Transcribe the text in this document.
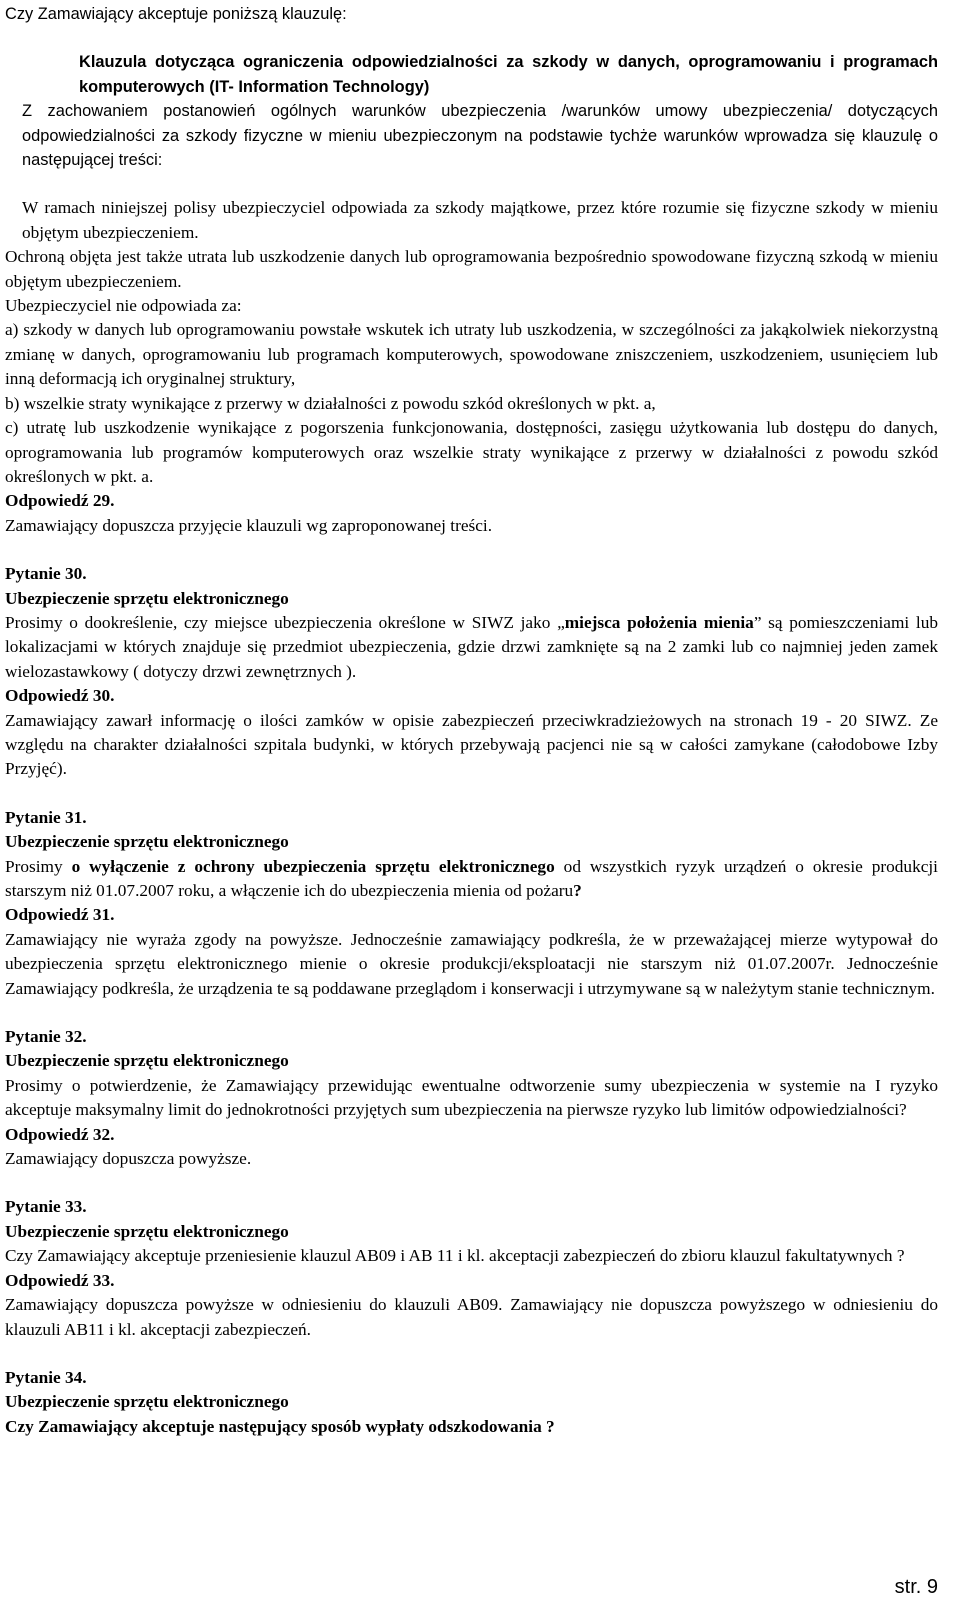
Czy Zamawiający akceptuje poniższą klauzulę:

Klauzula dotycząca ograniczenia odpowiedzialności za szkody w danych, oprogramowaniu i programach komputerowych (IT- Information Technology)

Z zachowaniem postanowień ogólnych warunków ubezpieczenia /warunków umowy ubezpieczenia/ dotyczących odpowiedzialności za szkody fizyczne w mieniu ubezpieczonym na podstawie tychże warunków wprowadza się klauzulę o następującej treści:

W ramach niniejszej polisy ubezpieczyciel odpowiada za szkody majątkowe, przez które rozumie się fizyczne szkody w mieniu objętym ubezpieczeniem.

Ochroną objęta jest także utrata lub uszkodzenie danych lub oprogramowania bezpośrednio spowodowane fizyczną szkodą w mieniu objętym ubezpieczeniem.

Ubezpieczyciel nie odpowiada za:

a) szkody w danych lub oprogramowaniu powstałe wskutek ich utraty lub uszkodzenia, w szczególności za jakąkolwiek niekorzystną zmianę w danych, oprogramowaniu lub programach komputerowych, spowodowane zniszczeniem, uszkodzeniem, usunięciem lub inną deformacją ich oryginalnej struktury,

b) wszelkie straty wynikające z przerwy w działalności z powodu szkód określonych w pkt. a,

c) utratę lub uszkodzenie wynikające z pogorszenia funkcjonowania, dostępności, zasięgu użytkowania lub dostępu do danych, oprogramowania lub programów komputerowych oraz wszelkie straty wynikające z przerwy w działalności z powodu szkód określonych w pkt. a.

Odpowiedź 29.

Zamawiający dopuszcza przyjęcie klauzuli wg zaproponowanej treści.

Pytanie 30.

Ubezpieczenie sprzętu elektronicznego

Prosimy o dookreślenie, czy miejsce ubezpieczenia określone w SIWZ jako „miejsca położenia mienia” są pomieszczeniami lub lokalizacjami w których znajduje się przedmiot ubezpieczenia, gdzie drzwi zamknięte są na 2 zamki lub co najmniej jeden zamek wielozastawkowy ( dotyczy drzwi zewnętrznych ).

Odpowiedź 30.

Zamawiający zawarł informację o ilości zamków w opisie zabezpieczeń przeciwkradzieżowych na stronach 19 - 20 SIWZ. Ze względu na charakter działalności szpitala budynki, w których przebywają pacjenci nie są w całości zamykane (całodobowe Izby Przyjęć).

Pytanie 31.

Ubezpieczenie sprzętu elektronicznego

Prosimy o wyłączenie z ochrony ubezpieczenia sprzętu elektronicznego od wszystkich ryzyk urządzeń o okresie produkcji starszym niż 01.07.2007 roku, a włączenie ich do ubezpieczenia mienia od pożaru?

Odpowiedź 31.

Zamawiający nie wyraża zgody na powyższe. Jednocześnie zamawiający podkreśla, że w przeważającej mierze wytypował do ubezpieczenia sprzętu elektronicznego mienie o okresie produkcji/eksploatacji nie starszym niż 01.07.2007r. Jednocześnie Zamawiający podkreśla, że urządzenia te są poddawane przeglądom i konserwacji i utrzymywane są w należytym stanie technicznym.

Pytanie 32.

Ubezpieczenie sprzętu elektronicznego

Prosimy o potwierdzenie, że Zamawiający przewidując ewentualne odtworzenie sumy ubezpieczenia w systemie na I ryzyko akceptuje maksymalny limit do jednokrotności przyjętych sum ubezpieczenia na pierwsze ryzyko lub limitów odpowiedzialności?

Odpowiedź 32.

Zamawiający dopuszcza powyższe.

Pytanie 33.

Ubezpieczenie sprzętu elektronicznego

Czy Zamawiający akceptuje przeniesienie klauzul AB09 i AB 11 i kl. akceptacji zabezpieczeń do zbioru klauzul fakultatywnych ?

Odpowiedź 33.

Zamawiający dopuszcza powyższe w odniesieniu do klauzuli AB09. Zamawiający nie dopuszcza powyższego w odniesieniu do klauzuli AB11 i kl. akceptacji zabezpieczeń.

Pytanie 34.

Ubezpieczenie sprzętu elektronicznego

Czy Zamawiający akceptuje następujący sposób wypłaty odszkodowania ?

str. 9
